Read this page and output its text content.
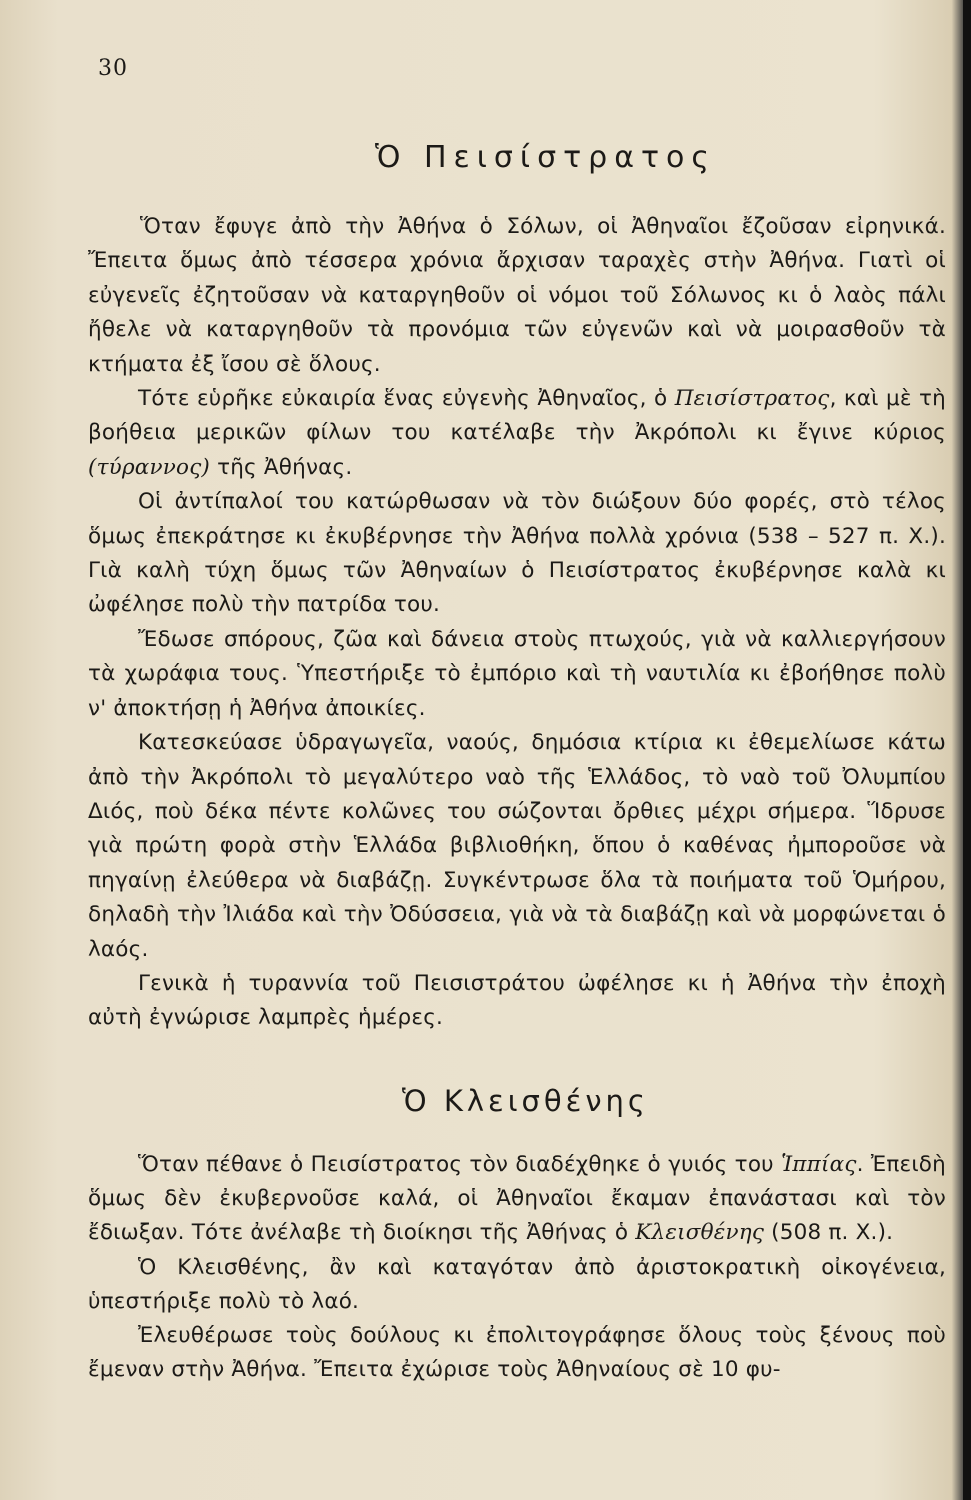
30
Ὁ Πεισίστρατος

Ὅταν ἔφυγε ἀπὸ τὴν Ἀθήνα ὁ Σόλων, οἱ Ἀθηναῖοι ἔζοῦσαν εἰρηνικά. Ἔπειτα ὅμως ἀπὸ τέσσερα χρόνια ἄρχισαν ταραχὲς στὴν Ἀθήνα. Γιατὶ οἱ εὐγενεῖς ἐζητοῦσαν νὰ καταργηθοῦν οἱ νόμοι τοῦ Σόλωνος κι ὁ λαὸς πάλι ἤθελε νὰ καταργηθοῦν τὰ προνόμια τῶν εὐγενῶν καὶ νὰ μοιρασθοῦν τὰ κτήματα ἐξ ἴσου σὲ ὅλους.

Τότε εὑρῆκε εὐκαιρία ἕνας εὐγενὴς Ἀθηναῖος, ὁ Πεισίστρατος, καὶ μὲ τὴ βοήθεια μερικῶν φίλων του κατέλαβε τὴν Ἀκρόπολι κι ἔγινε κύριος (τύραννος) τῆς Ἀθήνας.

Οἱ ἀντίπαλοί του κατώρθωσαν νὰ τὸν διώξουν δύο φορές, στὸ τέλος ὅμως ἐπεκράτησε κι ἐκυβέρνησε τὴν Ἀθήνα πολλὰ χρόνια (538 – 527 π. Χ.). Γιὰ καλὴ τύχη ὅμως τῶν Ἀθηναίων ὁ Πεισίστρατος ἐκυβέρνησε καλὰ κι ὠφέλησε πολὺ τὴν πατρίδα του.

Ἔδωσε σπόρους, ζῶα καὶ δάνεια στοὺς πτωχούς, γιὰ νὰ καλλιεργήσουν τὰ χωράφια τους. Ὑπεστήριξε τὸ ἐμπόριο καὶ τὴ ναυτιλία κι ἐβοήθησε πολὺ ν' ἀποκτήσῃ ἡ Ἀθήνα ἀποικίες.

Κατεσκεύασε ὑδραγωγεῖα, ναούς, δημόσια κτίρια κι ἐθεμελίωσε κάτω ἀπὸ τὴν Ἀκρόπολι τὸ μεγαλύτερο ναὸ τῆς Ἑλλάδος, τὸ ναὸ τοῦ Ὀλυμπίου Διός, ποὺ δέκα πέντε κολῶνες του σώζονται ὄρθιες μέχρι σήμερα. Ἵδρυσε γιὰ πρώτη φορὰ στὴν Ἑλλάδα βιβλιοθήκη, ὅπου ὁ καθένας ἠμποροῦσε νὰ πηγαίνῃ ἐλεύθερα νὰ διαβάζῃ. Συγκέντρωσε ὅλα τὰ ποιήματα τοῦ Ὁμήρου, δηλαδὴ τὴν Ἰλιάδα καὶ τὴν Ὀδύσσεια, γιὰ νὰ τὰ διαβάζῃ καὶ νὰ μορφώνεται ὁ λαός.

Γενικὰ ἡ τυραννία τοῦ Πεισιστράτου ὠφέλησε κι ἡ Ἀθήνα τὴν ἐποχὴ αὐτὴ ἐγνώρισε λαμπρὲς ἡμέρες.

Ὁ Κλεισθένης

Ὅταν πέθανε ὁ Πεισίστρατος τὸν διαδέχθηκε ὁ γυιός του Ἱππίας. Ἐπειδὴ ὅμως δὲν ἐκυβερνοῦσε καλά, οἱ Ἀθηναῖοι ἔκαμαν ἐπανάστασι καὶ τὸν ἔδιωξαν. Τότε ἀνέλαβε τὴ διοίκησι τῆς Ἀθήνας ὁ Κλεισθένης (508 π. Χ.).

Ὁ Κλεισθένης, ἂν καὶ καταγόταν ἀπὸ ἀριστοκρατικὴ οἰκογένεια, ὑπεστήριξε πολὺ τὸ λαό.

Ἐλευθέρωσε τοὺς δούλους κι ἐπολιτογράφησε ὅλους τοὺς ξένους ποὺ ἔμεναν στὴν Ἀθήνα. Ἔπειτα ἐχώρισε τοὺς Ἀθηναίους σὲ 10 φυ-
